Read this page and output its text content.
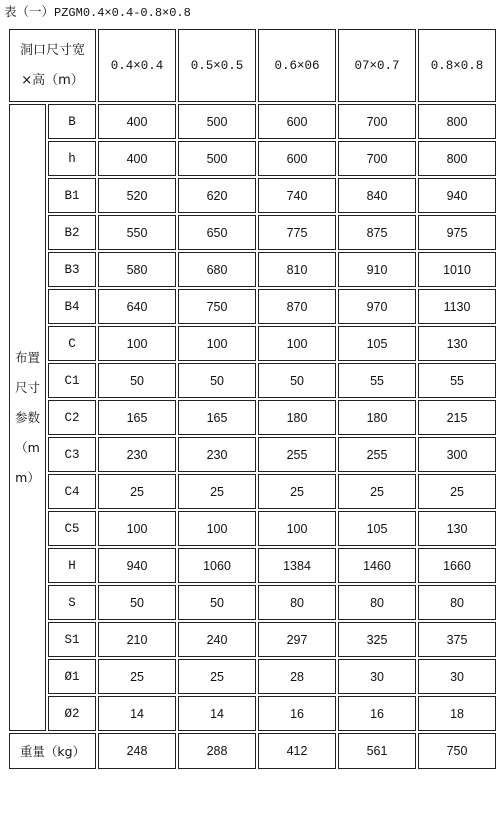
表（一）PZGM0.4×0.4-0.8×0.8
洞口尺寸宽
×高（m）		0.4×0.4	0.5×0.5	0.6×06	07×0.7	0.8×0.8

布置
尺寸
参数
（m
m）	B	400	500	600	700	800
	h	400	500	600	700	800
	B1	520	620	740	840	940
	B2	550	650	775	875	975
	B3	580	680	810	910	1010
	B4	640	750	870	970	1130
	C	100	100	100	105	130
	C1	50	50	50	55	55
	C2	165	165	180	180	215
	C3	230	230	255	255	300
	C4	25	25	25	25	25
	C5	100	100	100	105	130
	H	940	1060	1384	1460	1660
	S	50	50	80	80	80
	S1	210	240	297	325	375
	Ø1	25	25	28	30	30
	Ø2	14	14	16	16	18
重量（kg）		248	288	412	561	750
